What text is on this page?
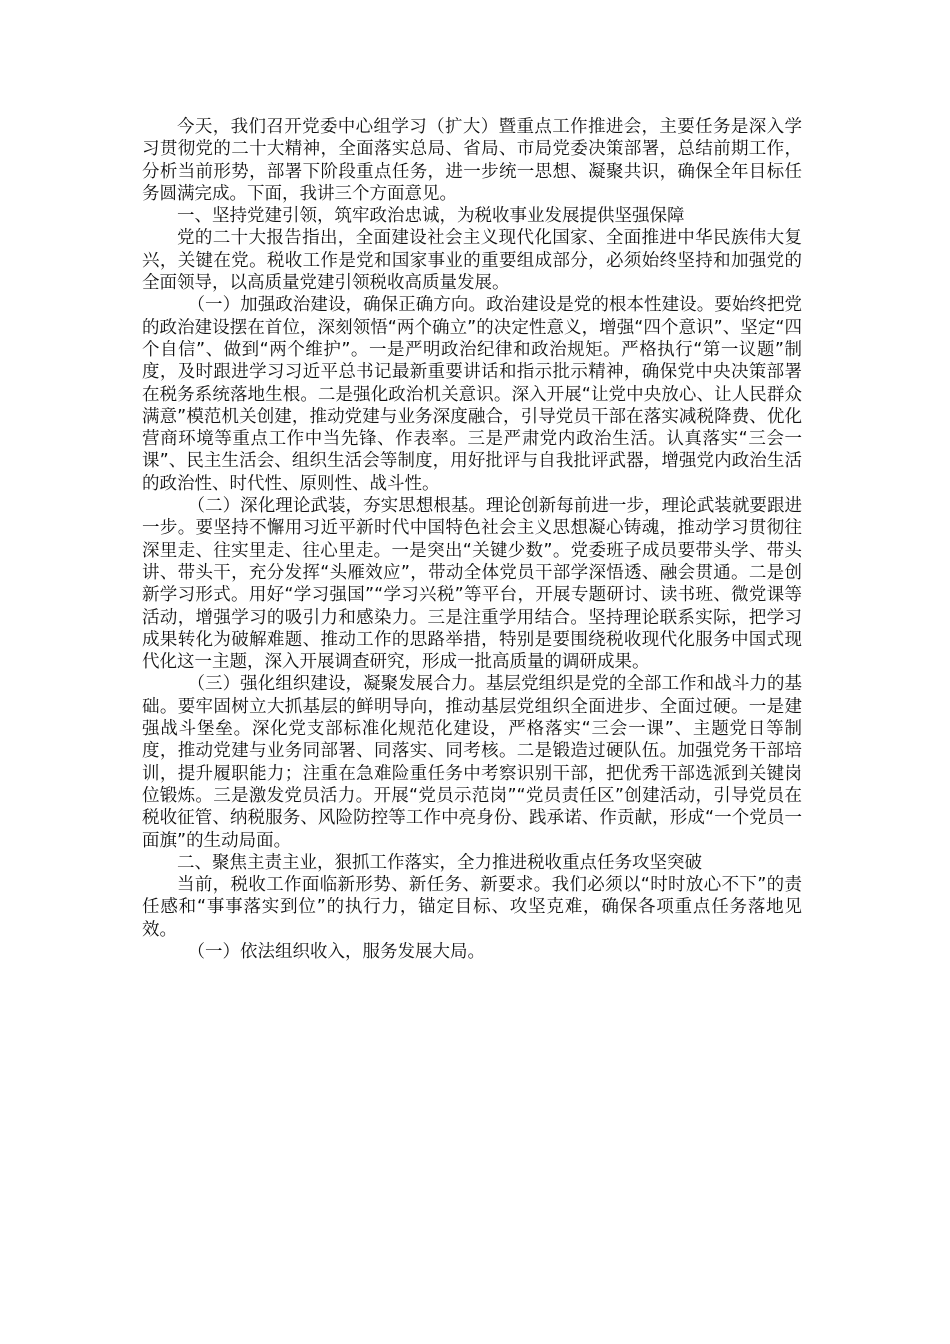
今天，我们召开党委中心组学习（扩大）暨重点工作推进会，主要任务是深入学习贯彻党的二十大精神，全面落实总局、省局、市局党委决策部署，总结前期工作，分析当前形势，部署下阶段重点任务，进一步统一思想、凝聚共识，确保全年目标任务圆满完成。下面，我讲三个方面意见。

一、坚持党建引领，筑牢政治忠诚，为税收事业发展提供坚强保障

党的二十大报告指出，全面建设社会主义现代化国家、全面推进中华民族伟大复兴，关键在党。税收工作是党和国家事业的重要组成部分，必须始终坚持和加强党的全面领导，以高质量党建引领税收高质量发展。

（一）加强政治建设，确保正确方向。政治建设是党的根本性建设。要始终把党的政治建设摆在首位，深刻领悟“两个确立”的决定性意义，增强“四个意识”、坚定“四个自信”、做到“两个维护”。一是严明政治纪律和政治规矩。严格执行“第一议题”制度，及时跟进学习习近平总书记最新重要讲话和指示批示精神，确保党中央决策部署在税务系统落地生根。二是强化政治机关意识。深入开展“让党中央放心、让人民群众满意”模范机关创建，推动党建与业务深度融合，引导党员干部在落实减税降费、优化营商环境等重点工作中当先锋、作表率。三是严肃党内政治生活。认真落实“三会一课”、民主生活会、组织生活会等制度，用好批评与自我批评武器，增强党内政治生活的政治性、时代性、原则性、战斗性。

（二）深化理论武装，夯实思想根基。理论创新每前进一步，理论武装就要跟进一步。要坚持不懈用习近平新时代中国特色社会主义思想凝心铸魂，推动学习贯彻往深里走、往实里走、往心里走。一是突出“关键少数”。党委班子成员要带头学、带头讲、带头干，充分发挥“头雁效应”，带动全体党员干部学深悟透、融会贯通。二是创新学习形式。用好“学习强国”“学习兴税”等平台，开展专题研讨、读书班、微党课等活动，增强学习的吸引力和感染力。三是注重学用结合。坚持理论联系实际，把学习成果转化为破解难题、推动工作的思路举措，特别是要围绕税收现代化服务中国式现代化这一主题，深入开展调查研究，形成一批高质量的调研成果。

（三）强化组织建设，凝聚发展合力。基层党组织是党的全部工作和战斗力的基础。要牢固树立大抓基层的鲜明导向，推动基层党组织全面进步、全面过硬。一是建强战斗堡垒。深化党支部标准化规范化建设，严格落实“三会一课”、主题党日等制度，推动党建与业务同部署、同落实、同考核。二是锻造过硬队伍。加强党务干部培训，提升履职能力；注重在急难险重任务中考察识别干部，把优秀干部选派到关键岗位锻炼。三是激发党员活力。开展“党员示范岗”“党员责任区”创建活动，引导党员在税收征管、纳税服务、风险防控等工作中亮身份、践承诺、作贡献，形成“一个党员一面旗”的生动局面。

二、聚焦主责主业，狠抓工作落实，全力推进税收重点任务攻坚突破

当前，税收工作面临新形势、新任务、新要求。我们必须以“时时放心不下”的责任感和“事事落实到位”的执行力，锚定目标、攻坚克难，确保各项重点任务落地见效。

（一）依法组织收入，服务发展大局。
